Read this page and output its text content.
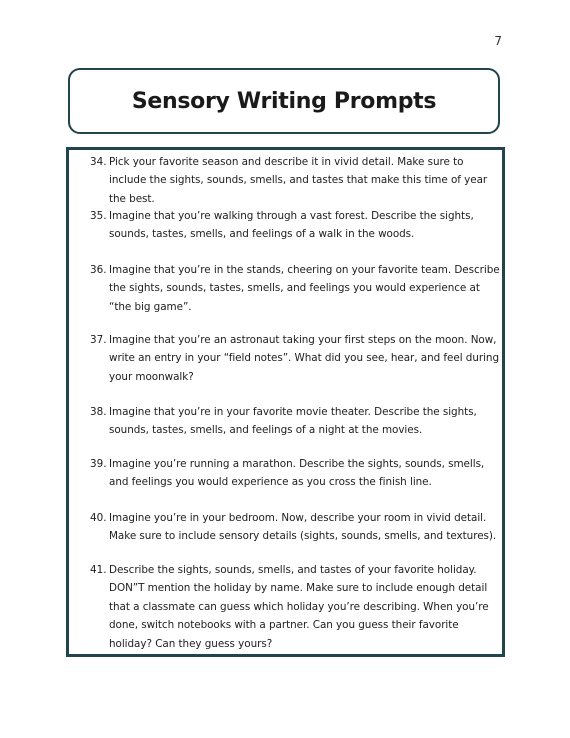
7
Sensory Writing Prompts
34. Pick your favorite season and describe it in vivid detail. Make sure to include the sights, sounds, smells, and tastes that make this time of year the best.
35. Imagine that you’re walking through a vast forest. Describe the sights, sounds, tastes, smells, and feelings of a walk in the woods.
36. Imagine that you’re in the stands, cheering on your favorite team. Describe the sights, sounds, tastes, smells, and feelings you would experience at “the big game”.
37. Imagine that you’re an astronaut taking your first steps on the moon. Now, write an entry in your “field notes”. What did you see, hear, and feel during your moonwalk?
38. Imagine that you’re in your favorite movie theater. Describe the sights, sounds, tastes, smells, and feelings of a night at the movies.
39. Imagine you’re running a marathon. Describe the sights, sounds, smells, and feelings you would experience as you cross the finish line.
40. Imagine you’re in your bedroom. Now, describe your room in vivid detail. Make sure to include sensory details (sights, sounds, smells, and textures).
41. Describe the sights, sounds, smells, and tastes of your favorite holiday. DON”T mention the holiday by name. Make sure to include enough detail that a classmate can guess which holiday you’re describing. When you’re done, switch notebooks with a partner. Can you guess their favorite holiday? Can they guess yours?
